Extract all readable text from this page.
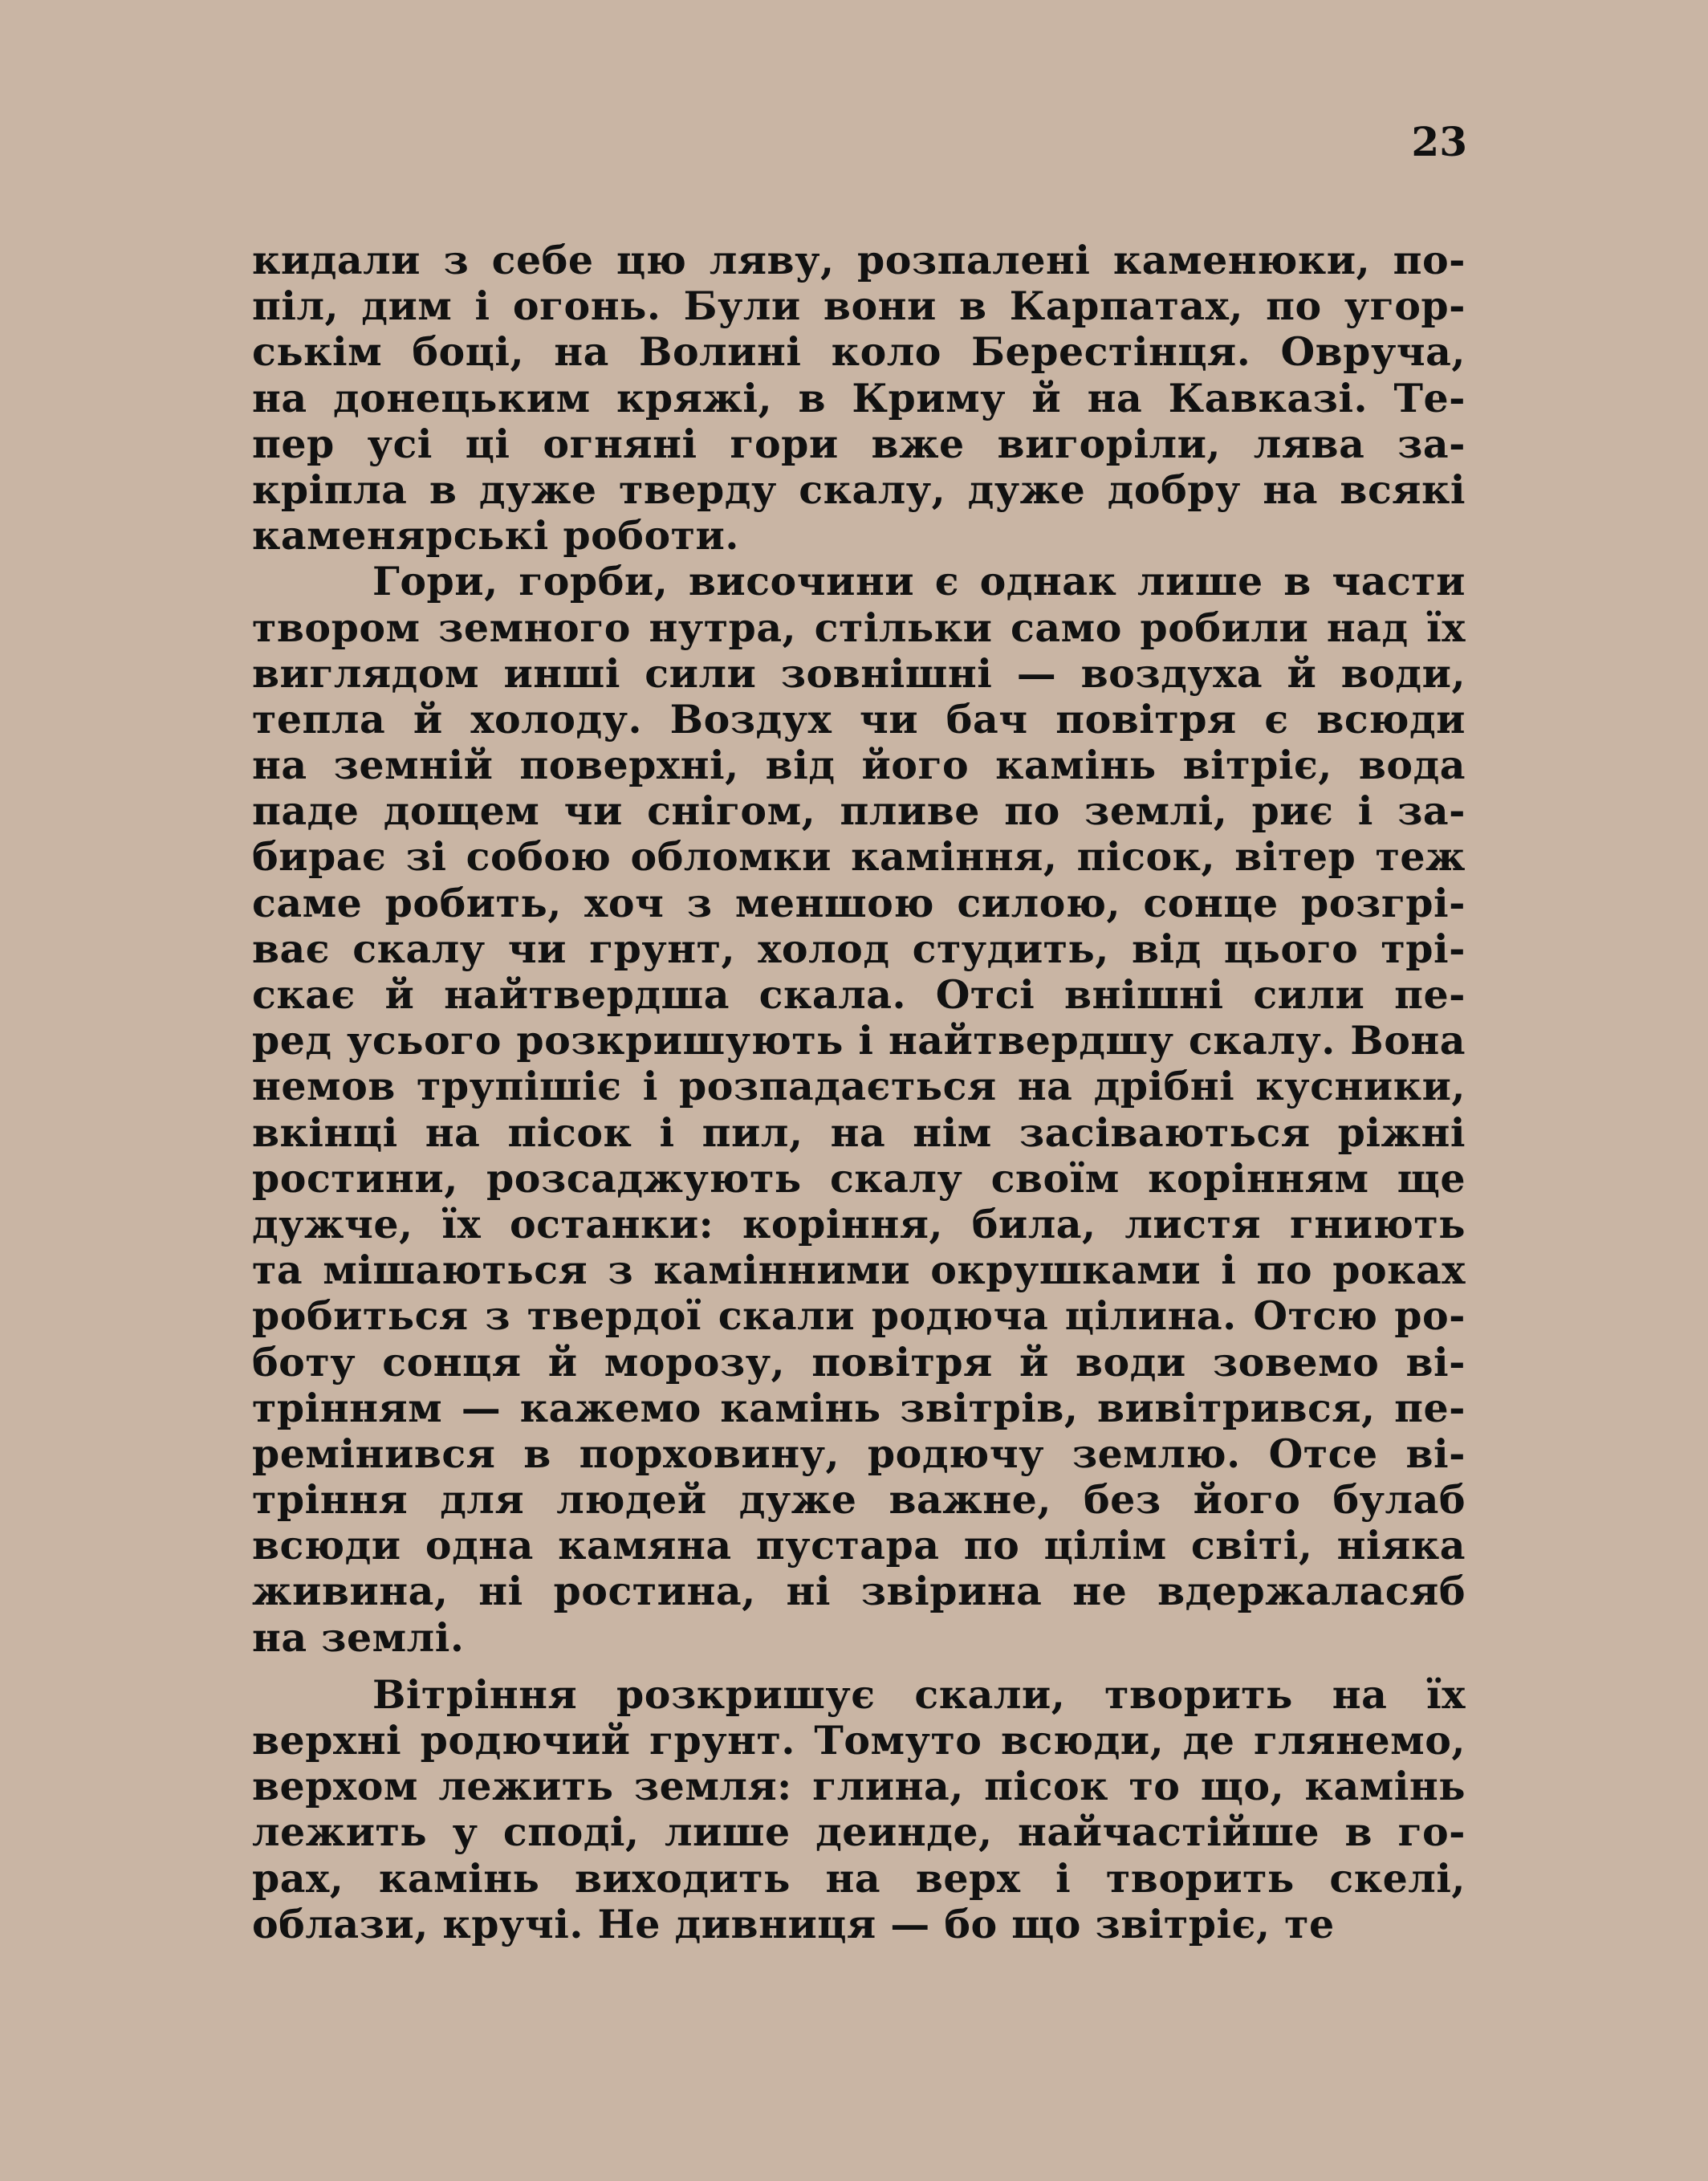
23
кидали з себе цю ляву, розпалені каменюки, по-
піл, дим і огонь. Були вони в Карпатах, по угор-
ськім боці, на Волині коло Берестінця. Овруча,
на донецьким кряжі, в Криму й на Кавказі. Те-
пер усі ці огняні гори вже вигоріли, лява за-
кріпла в дуже тверду скалу, дуже добру на всякі
каменярські роботи.
Гори, горби, височини є однак лише в части
твором земного нутра, стільки само робили над їх
виглядом инші сили зовнішні — воздуха й води,
тепла й холоду. Воздух чи бач повітря є всюди
на земній поверхні, від його камінь вітріє, вода
паде дощем чи снігом, пливе по землі, риє і за-
бирає зі собою обломки каміння, пісок, вітер теж
саме робить, хоч з меншою силою, сонце розгрі-
ває скалу чи грунт, холод студить, від цього трі-
скає й найтвердша скала. Отсі внішні сили пе-
ред усього розкришують і найтвердшу скалу. Вона
немов трупішіє і розпадається на дрібні кусники,
вкінці на пісок і пил, на нім засіваються ріжні
ростини, розсаджують скалу своїм корінням ще
дужче, їх останки: коріння, била, листя гниють
та мішаються з камінними окрушками і по роках
робиться з твердої скали родюча цілина. Отсю ро-
боту сонця й морозу, повітря й води зовемо ві-
трінням — кажемо камінь звітрів, вивітрився, пе-
ремінився в порховину, родючу землю. Отсе ві-
тріння для людей дуже важне, без його булаб
всюди одна камяна пустара по цілім світі, ніяка
живина, ні ростина, ні звірина не вдержаласяб
на землі.
Вітріння розкришує скали, творить на їх
верхні родючий грунт. Томуто всюди, де глянемо,
верхом лежить земля: глина, пісок то що, камінь
лежить у споді, лише деинде, найчастійше в го-
рах, камінь виходить на верх і творить скелі,
облази, кручі. Не дивниця — бо що звітріє, те
